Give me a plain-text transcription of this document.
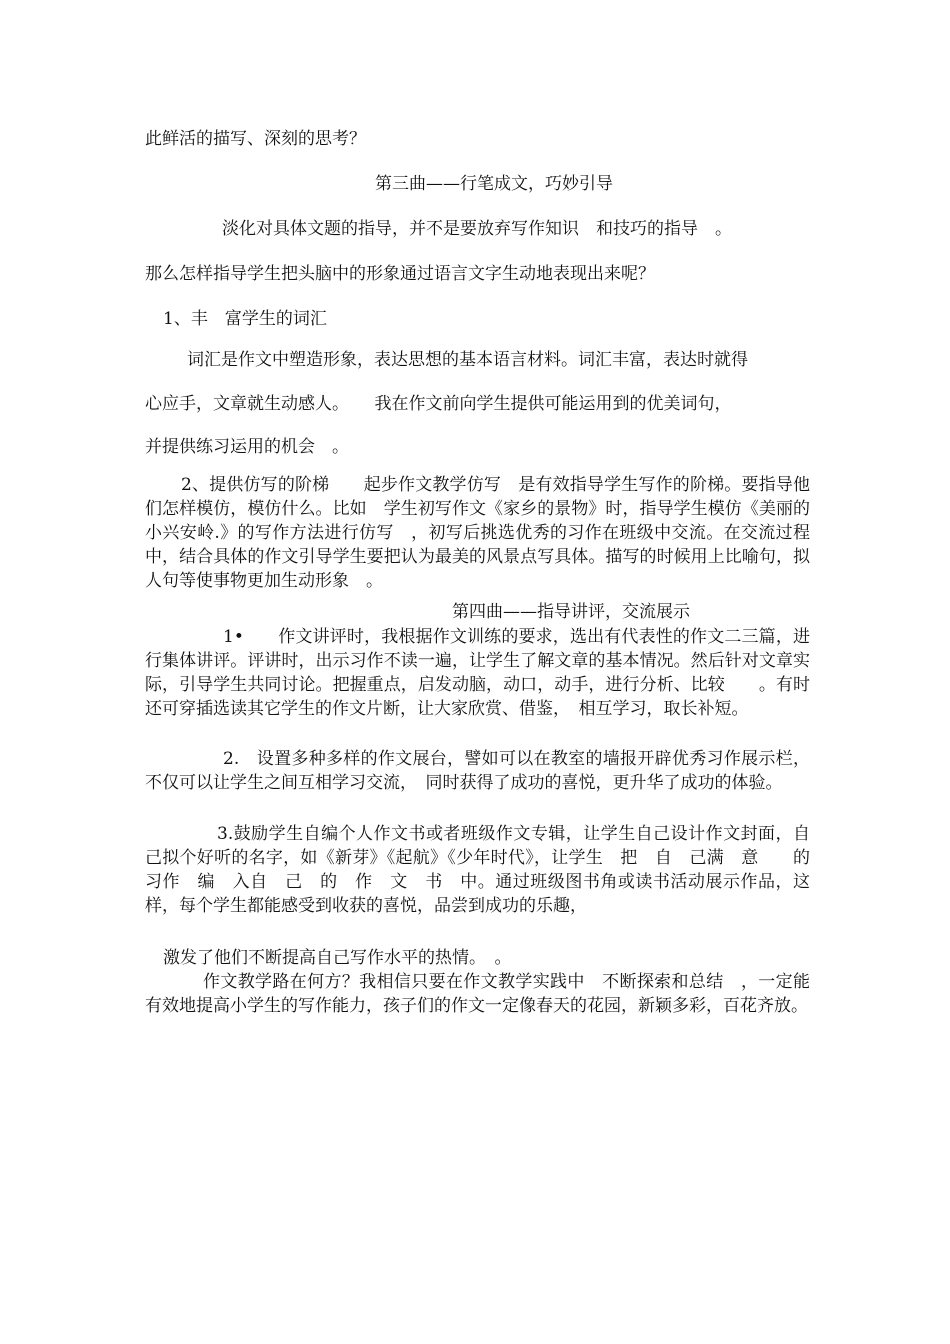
此鲜活的描写、深刻的思考？
第三曲——行笔成文，巧妙引导
淡化对具体文题的指导，并不是要放弃写作知识　和技巧的指导　。
那么怎样指导学生把头脑中的形象通过语言文字生动地表现出来呢？
1、丰　富学生的词汇
词汇是作文中塑造形象，表达思想的基本语言材料。词汇丰富，表达时就得
心应手，文章就生动感人。　　我在作文前向学生提供可能运用到的优美词句，
并提供练习运用的机会　。
2、提供仿写的阶梯　　起步作文教学仿写　是有效指导学生写作的阶梯。要指导他们怎样模仿，模仿什么。比如　学生初写作文《家乡的景物》时，指导学生模仿《美丽的小兴安岭.》的写作方法进行仿写　，初写后挑选优秀的习作在班级中交流。在交流过程中，结合具体的作文引导学生要把认为最美的风景点写具体。描写的时候用上比喻句，拟人句等使事物更加生动形象　。
第四曲——指导讲评，交流展示
1•　　作文讲评时，我根据作文训练的要求，选出有代表性的作文二三篇，进行集体讲评。评讲时，出示习作不读一遍，让学生了解文章的基本情况。然后针对文章实际，引导学生共同讨论。把握重点，启发动脑，动口，动手，进行分析、比较　　。有时还可穿插选读其它学生的作文片断，让大家欣赏、借鉴，　相互学习，取长补短。
2.　设置多种多样的作文展台，譬如可以在教室的墙报开辟优秀习作展示栏，不仅可以让学生之间互相学习交流，　同时获得了成功的喜悦，更升华了成功的体验。
3.鼓励学生自编个人作文书或者班级作文专辑，让学生自己设计作文封面，自己拟个好听的名字，如《新芽》《起航》《少年时代》，让学生　把　自　己满　意　　的　习作　编　入自　己　的　作　文　书　中。通过班级图书角或读书活动展示作品，这样，每个学生都能感受到收获的喜悦，品尝到成功的乐趣，
激发了他们不断提高自己写作水平的热情。　。
作文教学路在何方？我相信只要在作文教学实践中　不断探索和总结　，一定能有效地提高小学生的写作能力，孩子们的作文一定像春天的花园，新颖多彩，百花齐放。
